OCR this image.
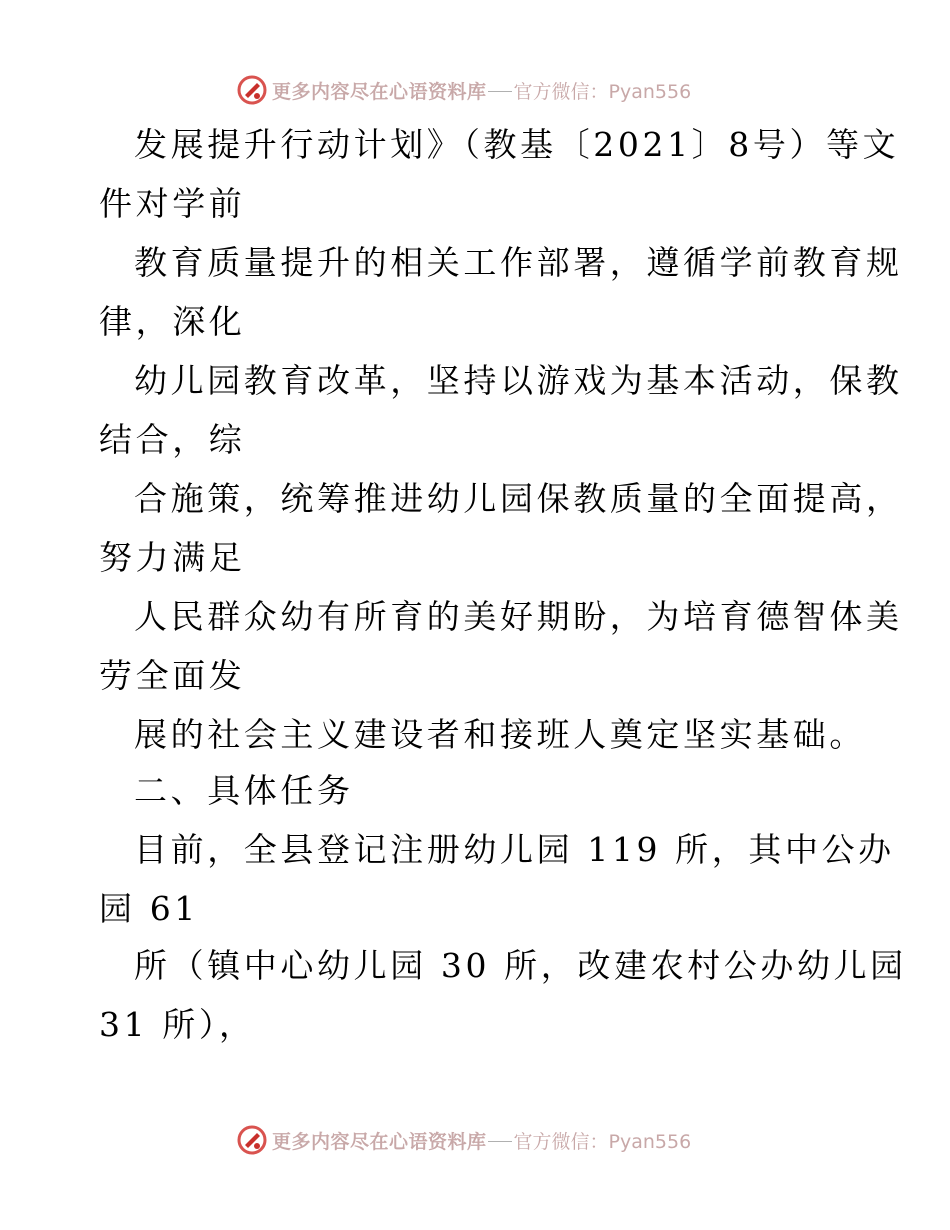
更多内容尽在心语资料库 官方微信：Pyan556
发展提升行动计划》（教基〔2021〕8号）等文
件对学前
教育质量提升的相关工作部署，遵循学前教育规
律，深化
幼儿园教育改革，坚持以游戏为基本活动，保教
结合，综
合施策，统筹推进幼儿园保教质量的全面提高，
努力满足
人民群众幼有所育的美好期盼，为培育德智体美
劳全面发
展的社会主义建设者和接班人奠定坚实基础。
二、具体任务
目前，全县登记注册幼儿园 119 所，其中公办
园 61
所（镇中心幼儿园 30 所，改建农村公办幼儿园
31 所），
更多内容尽在心语资料库 官方微信：Pyan556
